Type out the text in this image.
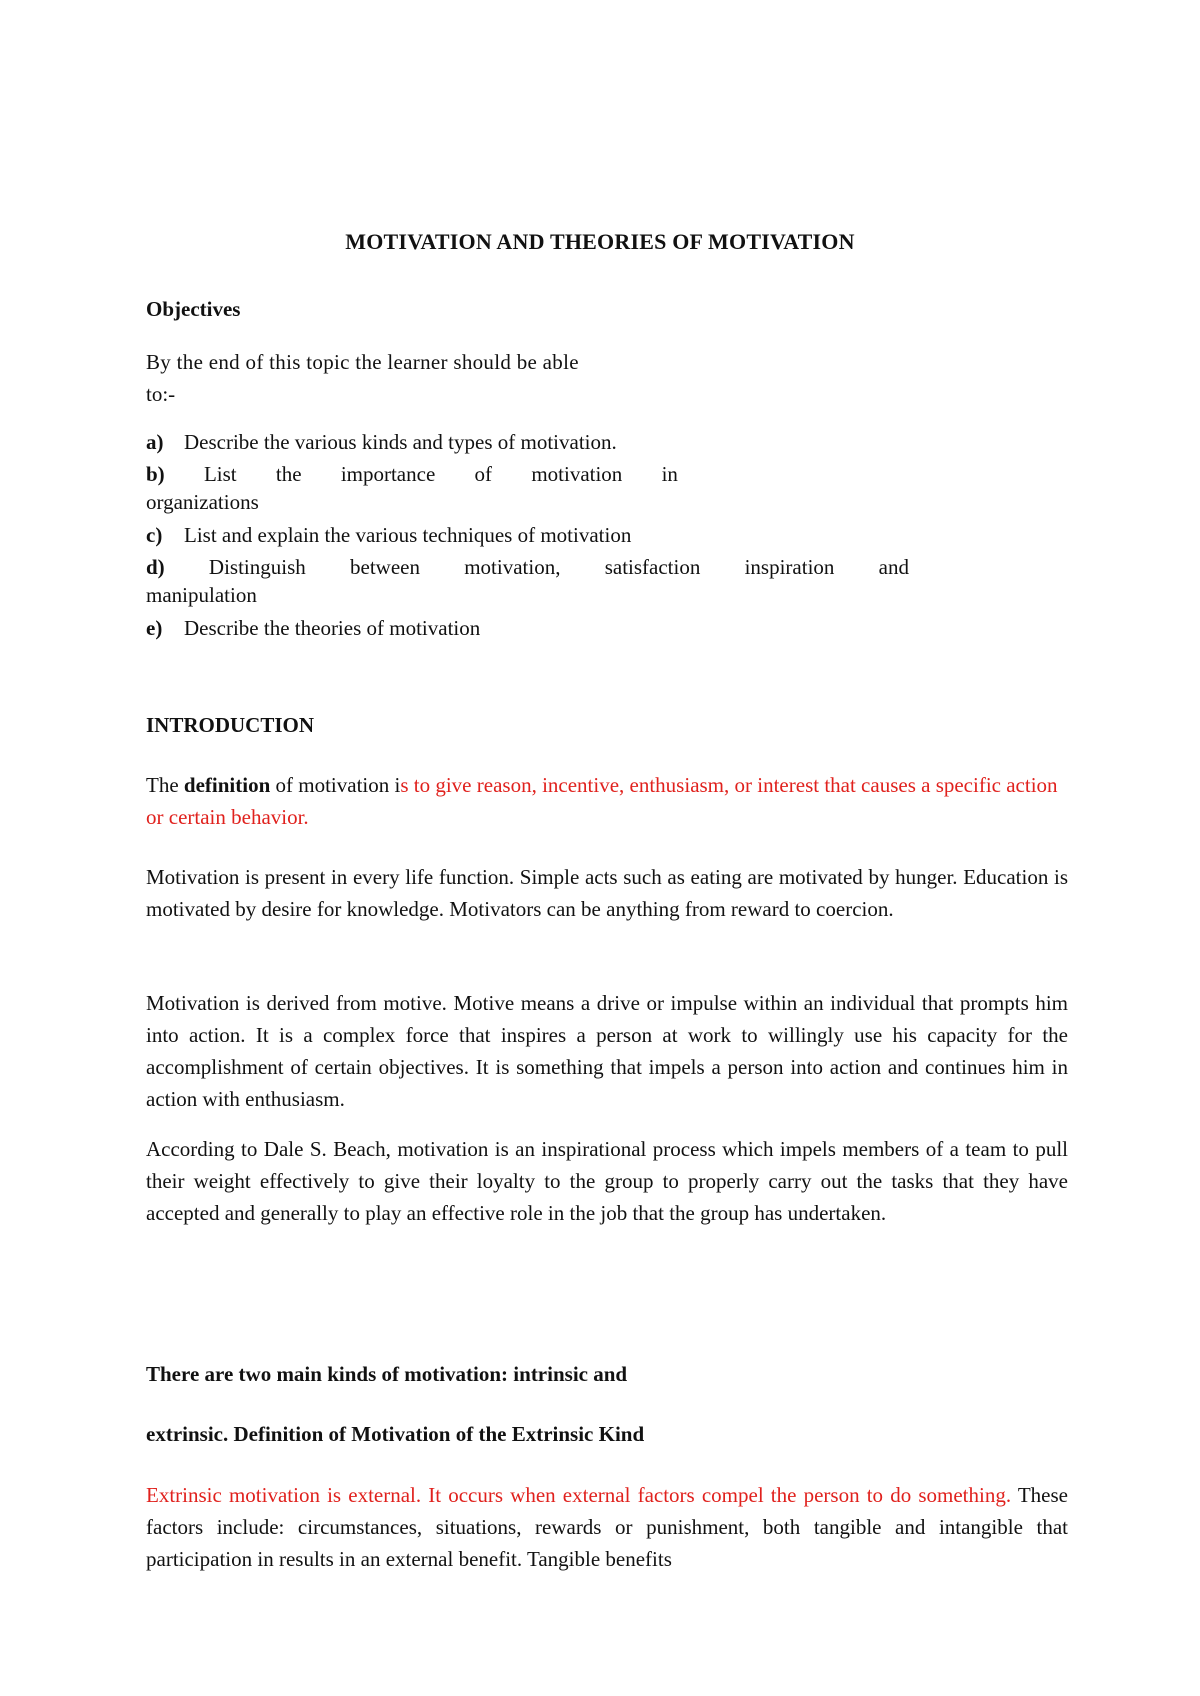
MOTIVATION AND THEORIES OF MOTIVATION
Objectives
By the end of this topic the learner should be able
to:-
a) Describe the various kinds and types of motivation.
b) List the importance of motivation in
organizations
c) List and explain the various techniques of motivation
d) Distinguish between motivation, satisfaction inspiration and
manipulation
e) Describe the theories of motivation
INTRODUCTION
The definition of motivation is to give reason, incentive, enthusiasm, or interest that causes a specific action or certain behavior.
Motivation is present in every life function. Simple acts such as eating are motivated by hunger. Education is motivated by desire for knowledge. Motivators can be anything from reward to coercion.
Motivation is derived from motive. Motive means a drive or impulse within an individual that prompts him into action. It is a complex force that inspires a person at work to willingly use his capacity for the accomplishment of certain objectives. It is something that impels a person into action and continues him in action with enthusiasm.
According to Dale S. Beach, motivation is an inspirational process which impels members of a team to pull their weight effectively to give their loyalty to the group to properly carry out the tasks that they have accepted and generally to play an effective role in the job that the group has undertaken.
There are two main kinds of motivation: intrinsic and
extrinsic. Definition of Motivation of the Extrinsic Kind
Extrinsic motivation is external. It occurs when external factors compel the person to do something. These factors include: circumstances, situations, rewards or punishment, both tangible and intangible that participation in results in an external benefit. Tangible benefits
